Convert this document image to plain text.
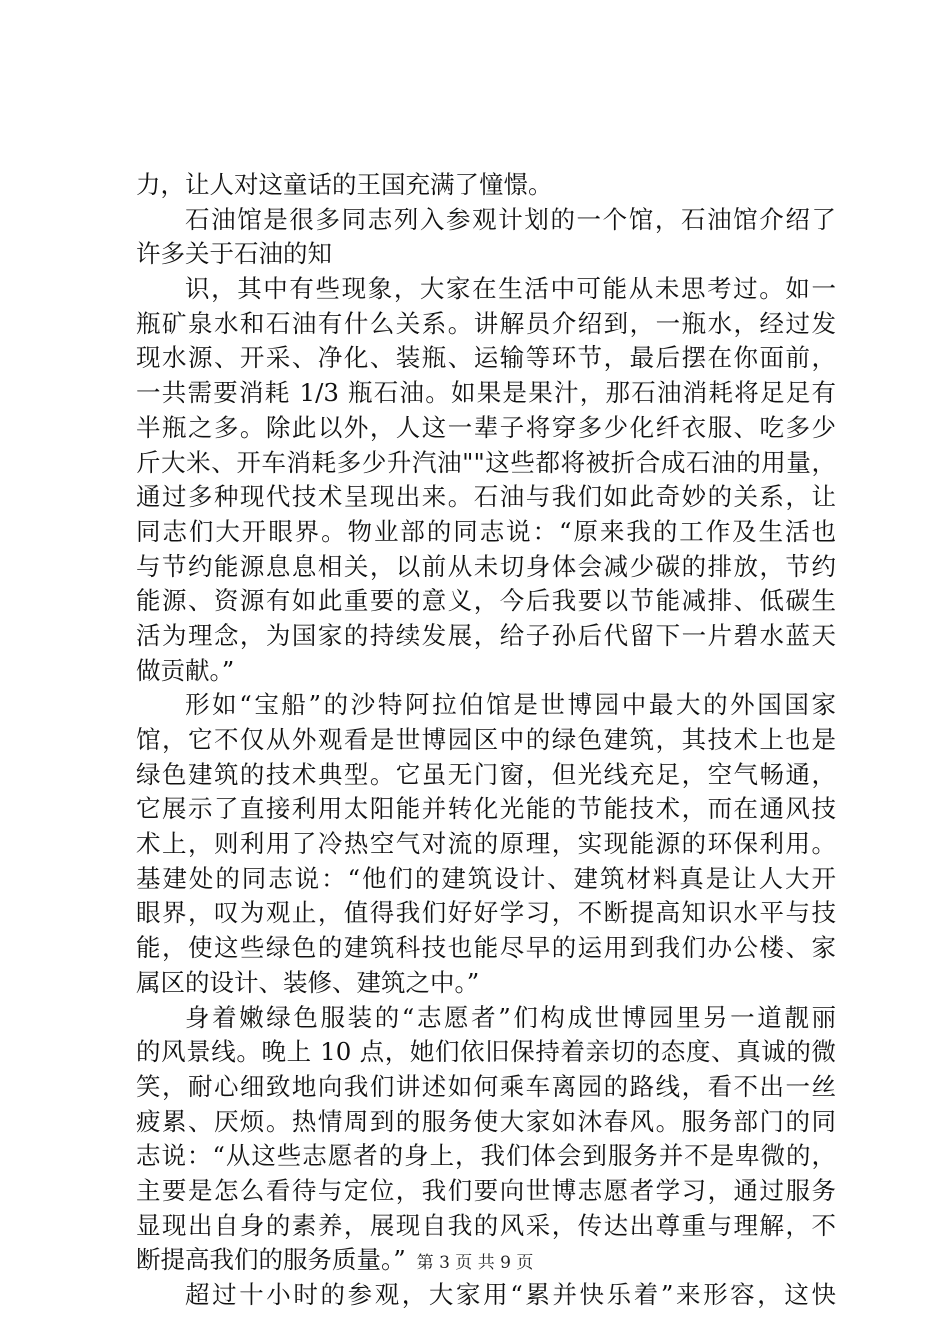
力，让人对这童话的王国充满了憧憬。
石油馆是很多同志列入参观计划的一个馆，石油馆介绍了
许多关于石油的知
识，其中有些现象，大家在生活中可能从未思考过。如一
瓶矿泉水和石油有什么关系。讲解员介绍到，一瓶水，经过发
现水源、开采、净化、装瓶、运输等环节，最后摆在你面前，
一共需要消耗 1/3 瓶石油。如果是果汁，那石油消耗将足足有
半瓶之多。除此以外，人这一辈子将穿多少化纤衣服、吃多少
斤大米、开车消耗多少升汽油""这些都将被折合成石油的用量，
通过多种现代技术呈现出来。石油与我们如此奇妙的关系，让
同志们大开眼界。物业部的同志说：“原来我的工作及生活也
与节约能源息息相关，以前从未切身体会减少碳的排放，节约
能源、资源有如此重要的意义，今后我要以节能减排、低碳生
活为理念，为国家的持续发展，给子孙后代留下一片碧水蓝天
做贡献。”
形如“宝船”的沙特阿拉伯馆是世博园中最大的外国国家
馆，它不仅从外观看是世博园区中的绿色建筑，其技术上也是
绿色建筑的技术典型。它虽无门窗，但光线充足，空气畅通，
它展示了直接利用太阳能并转化光能的节能技术，而在通风技
术上，则利用了冷热空气对流的原理，实现能源的环保利用。
基建处的同志说：“他们的建筑设计、建筑材料真是让人大开
眼界，叹为观止，值得我们好好学习，不断提高知识水平与技
能，使这些绿色的建筑科技也能尽早的运用到我们办公楼、家
属区的设计、装修、建筑之中。”
身着嫩绿色服装的“志愿者”们构成世博园里另一道靓丽
的风景线。晚上 10 点，她们依旧保持着亲切的态度、真诚的微
笑，耐心细致地向我们讲述如何乘车离园的路线，看不出一丝
疲累、厌烦。热情周到的服务使大家如沐春风。服务部门的同
志说：“从这些志愿者的身上，我们体会到服务并不是卑微的，
主要是怎么看待与定位，我们要向世博志愿者学习，通过服务
显现出自身的素养，展现自我的风采，传达出尊重与理解，不
断提高我们的服务质量。”
超过十小时的参观，大家用“累并快乐着”来形容，这快
第 3 页 共 9 页
